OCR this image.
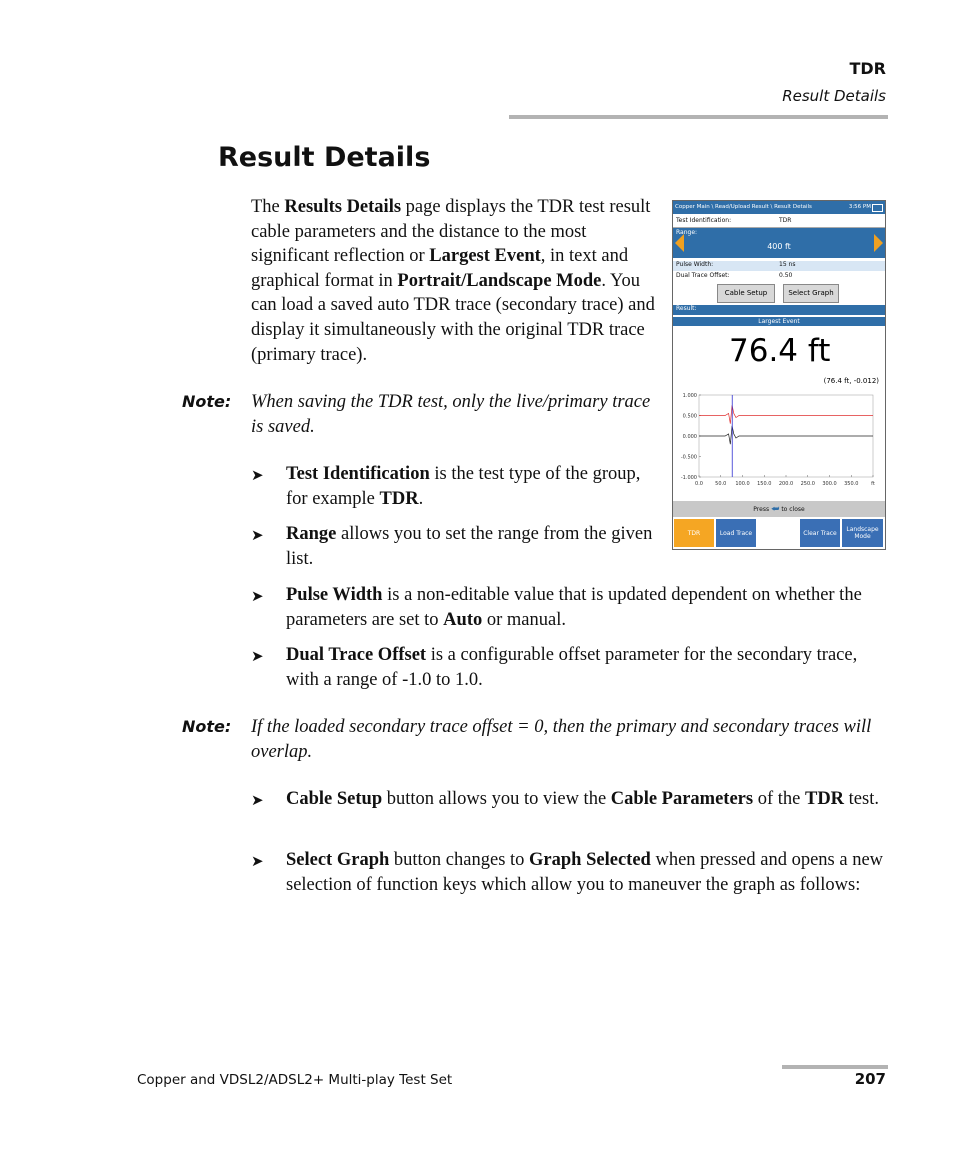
TDR
Result Details
Result Details
The Results Details page displays the TDR test result cable parameters and the distance to the most significant reflection or Largest Event, in text and graphical format in Portrait/Landscape Mode. You can load a saved auto TDR trace (secondary trace) and display it simultaneously with the original TDR trace (primary trace).
Note: When saving the TDR test, only the live/primary trace is saved.
➤ Test Identification is the test type of the group, for example TDR.
➤ Range allows you to set the range from the given list.
➤ Pulse Width is a non-editable value that is updated dependent on whether the parameters are set to Auto or manual.
➤ Dual Trace Offset is a configurable offset parameter for the secondary trace, with a range of -1.0 to 1.0.
Note: If the loaded secondary trace offset = 0, then the primary and secondary traces will overlap.
➤ Cable Setup button allows you to view the Cable Parameters of the TDR test.
➤ Select Graph button changes to Graph Selected when pressed and opens a new selection of function keys which allow you to maneuver the graph as follows:
Copper Main \ Read/Upload Result \ Result Details	3:56 PM
Test Identification:	TDR
Range:
400 ft
Pulse Width:	15 ns
Dual Trace Offset:	0.50
Cable Setup	Select Graph
Result:
Largest Event
76.4 ft
(76.4 ft, -0.012)
1.000
0.500
0.000
-0.500
-1.000
0.0 50.0 100.0 150.0 200.0 250.0 300.0 350.0	ft
Press ⮨ to close
TDR	Load Trace	Clear Trace	Landscape Mode
Copper and VDSL2/ADSL2+ Multi-play Test Set	207
